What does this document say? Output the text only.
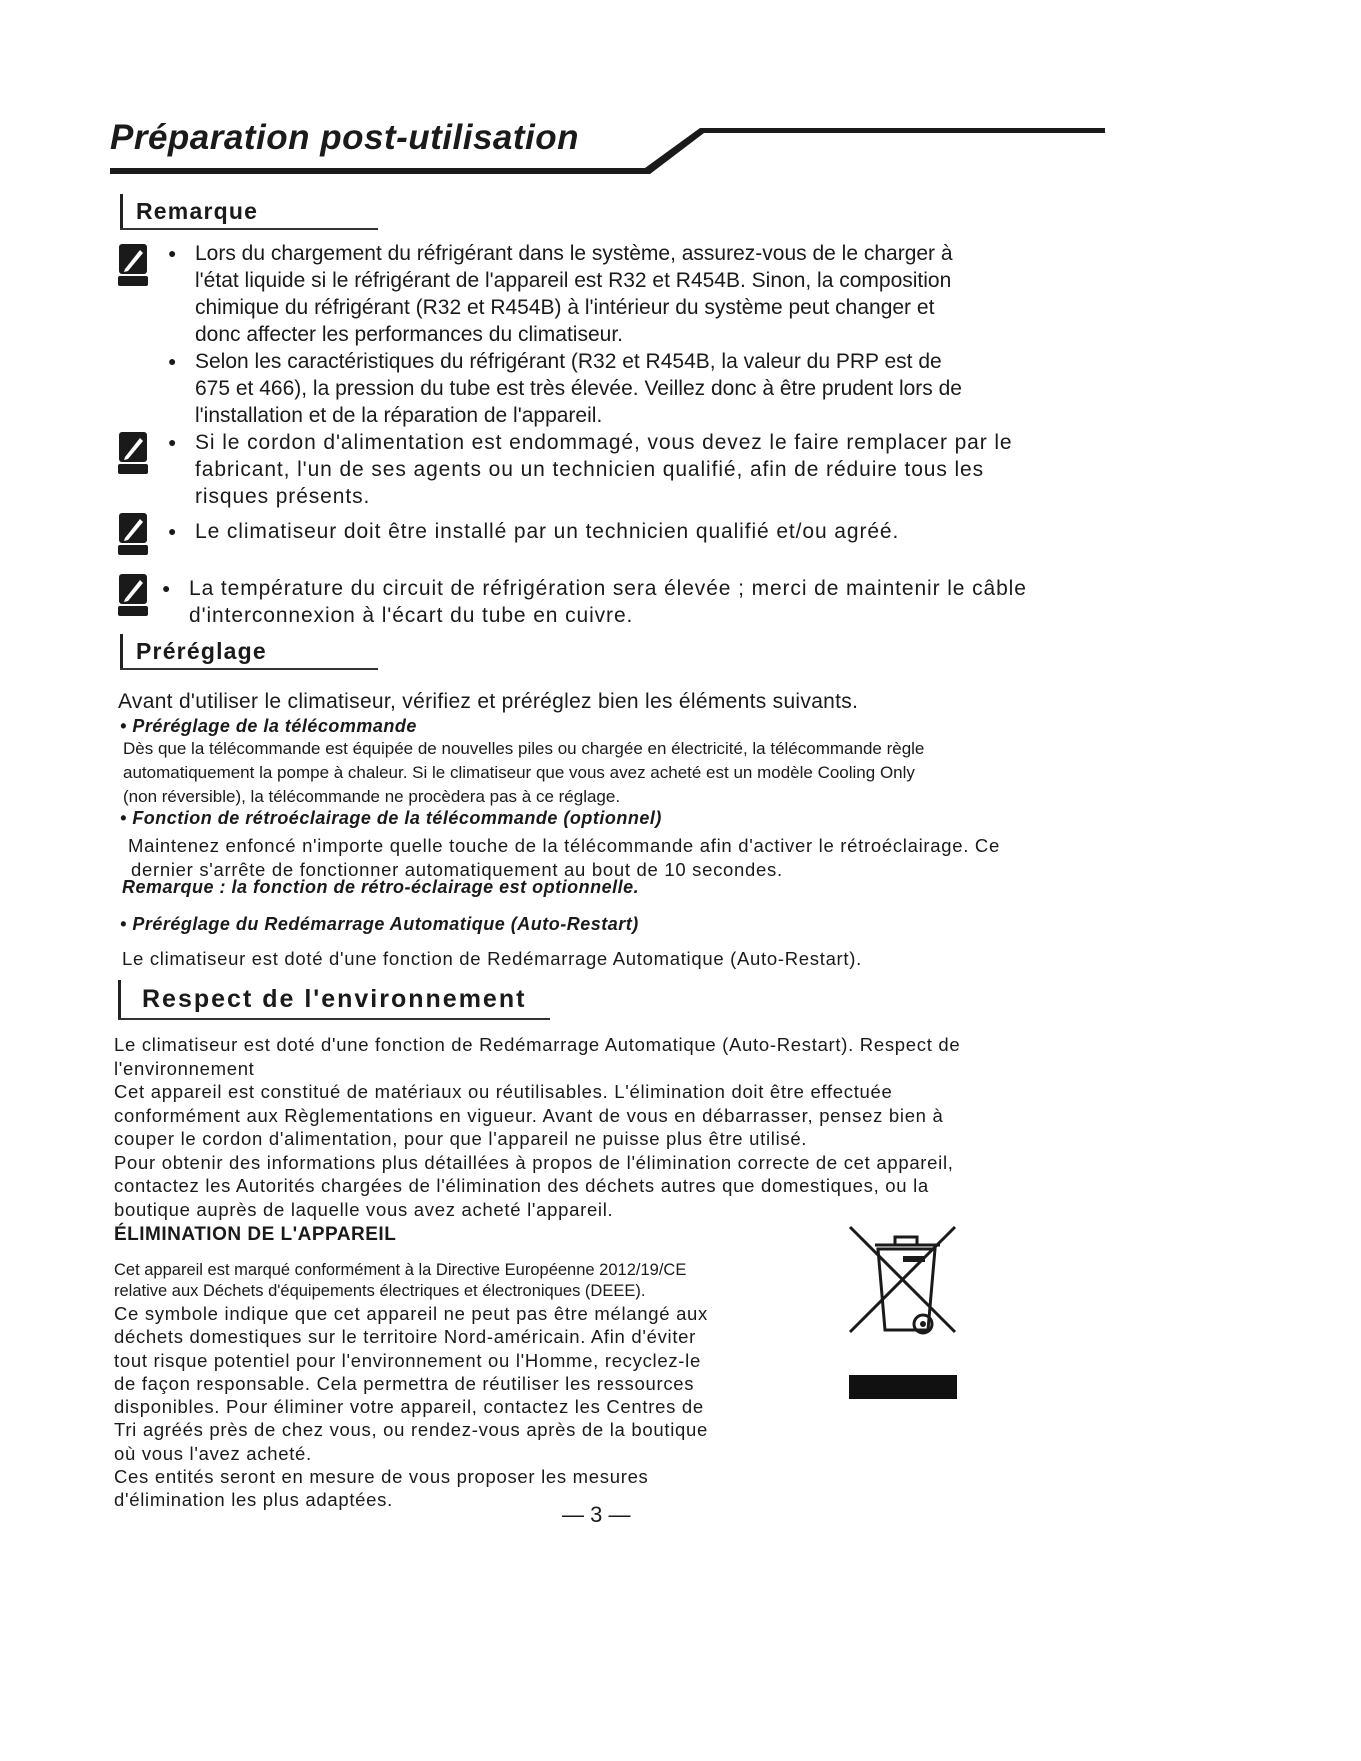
Préparation post-utilisation
Remarque
● Lors du chargement du réfrigérant dans le système, assurez-vous de le charger à
l'état liquide si le réfrigérant de l'appareil est R32 et R454B. Sinon, la composition
chimique du réfrigérant (R32 et R454B) à l'intérieur du système peut changer et
donc affecter les performances du climatiseur.
● Selon les caractéristiques du réfrigérant (R32 et R454B, la valeur du PRP est de
675 et 466), la pression du tube est très élevée. Veillez donc à être prudent lors de
l'installation et de la réparation de l'appareil.
● Si le cordon d'alimentation est endommagé, vous devez le faire remplacer par le
fabricant, l'un de ses agents ou un technicien qualifié, afin de réduire tous les
risques présents.
● Le climatiseur doit être installé par un technicien qualifié et/ou agréé.
● La température du circuit de réfrigération sera élevée ; merci de maintenir le câble
d'interconnexion à l'écart du tube en cuivre.
Préréglage
Avant d'utiliser le climatiseur, vérifiez et préréglez bien les éléments suivants.
• Préréglage de la télécommande
Dès que la télécommande est équipée de nouvelles piles ou chargée en électricité, la télécommande règle
automatiquement la pompe à chaleur. Si le climatiseur que vous avez acheté est un modèle Cooling Only
(non réversible), la télécommande ne procèdera pas à ce réglage.
• Fonction de rétroéclairage de la télécommande (optionnel)
Maintenez enfoncé n'importe quelle touche de la télécommande afin d'activer le rétroéclairage. Ce
dernier s'arrête de fonctionner automatiquement au bout de 10 secondes.
Remarque : la fonction de rétro-éclairage est optionnelle.
• Préréglage du Redémarrage Automatique (Auto-Restart)
Le climatiseur est doté d'une fonction de Redémarrage Automatique (Auto-Restart).
Respect de l'environnement
Le climatiseur est doté d'une fonction de Redémarrage Automatique (Auto-Restart). Respect de
l'environnement
Cet appareil est constitué de matériaux ou réutilisables. L'élimination doit être effectuée
conformément aux Règlementations en vigueur. Avant de vous en débarrasser, pensez bien à
couper le cordon d'alimentation, pour que l'appareil ne puisse plus être utilisé.
Pour obtenir des informations plus détaillées à propos de l'élimination correcte de cet appareil,
contactez les Autorités chargées de l'élimination des déchets autres que domestiques, ou la
boutique auprès de laquelle vous avez acheté l'appareil.
ÉLIMINATION DE L'APPAREIL
Cet appareil est marqué conformément à la Directive Européenne 2012/19/CE
relative aux Déchets d'équipements électriques et électroniques (DEEE).
Ce symbole indique que cet appareil ne peut pas être mélangé aux
déchets domestiques sur le territoire Nord-américain. Afin d'éviter
tout risque potentiel pour l'environnement ou l'Homme, recyclez-le
de façon responsable. Cela permettra de réutiliser les ressources
disponibles. Pour éliminer votre appareil, contactez les Centres de
Tri agréés près de chez vous, ou rendez-vous après de la boutique
où vous l'avez acheté.
Ces entités seront en mesure de vous proposer les mesures
d'élimination les plus adaptées.
— 3 —
